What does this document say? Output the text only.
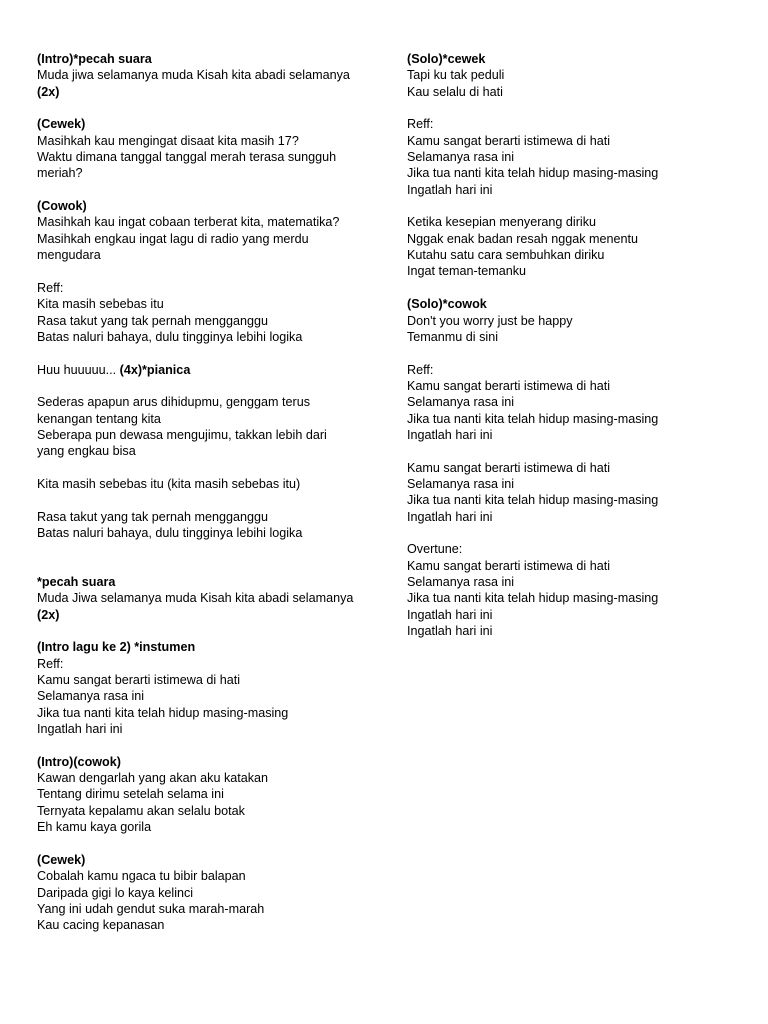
(Intro)*pecah suara
Muda jiwa selamanya muda Kisah kita abadi selamanya
(2x)
(Cewek)
Masihkah kau mengingat disaat kita masih 17?
Waktu dimana tanggal tanggal merah terasa sungguh
meriah?
(Cowok)
Masihkah kau ingat cobaan terberat kita, matematika?
Masihkah engkau ingat lagu di radio yang merdu
mengudara
Reff:
Kita masih sebebas itu
Rasa takut yang tak pernah mengganggu
Batas naluri bahaya, dulu tingginya lebihi logika
Huu huuuuu... (4x)*pianica
Sederas apapun arus dihidupmu, genggam terus
kenangan tentang kita
Seberapa pun dewasa mengujimu, takkan lebih dari
yang engkau bisa
Kita masih sebebas itu (kita masih sebebas itu)
Rasa takut yang tak pernah mengganggu
Batas naluri bahaya, dulu tingginya lebihi logika
*pecah suara
Muda Jiwa selamanya muda Kisah kita abadi selamanya
(2x)
(Intro lagu ke 2) *instumen
Reff:
Kamu sangat berarti istimewa di hati
Selamanya rasa ini
Jika tua nanti kita telah hidup masing-masing
Ingatlah hari ini
(Intro)(cowok)
Kawan dengarlah yang akan aku katakan
Tentang dirimu setelah selama ini
Ternyata kepalamu akan selalu botak
Eh kamu kaya gorila
(Cewek)
Cobalah kamu ngaca tu bibir balapan
Daripada gigi lo kaya kelinci
Yang ini udah gendut suka marah-marah
Kau cacing kepanasan
(Solo)*cewek
Tapi ku tak peduli
Kau selalu di hati
Reff:
Kamu sangat berarti istimewa di hati
Selamanya rasa ini
Jika tua nanti kita telah hidup masing-masing
Ingatlah hari ini
Ketika kesepian menyerang diriku
Nggak enak badan resah nggak menentu
Kutahu satu cara sembuhkan diriku
Ingat teman-temanku
(Solo)*cowok
Don't you worry just be happy
Temanmu di sini
Reff:
Kamu sangat berarti istimewa di hati
Selamanya rasa ini
Jika tua nanti kita telah hidup masing-masing
Ingatlah hari ini
Kamu sangat berarti istimewa di hati
Selamanya rasa ini
Jika tua nanti kita telah hidup masing-masing
Ingatlah hari ini
Overtune:
Kamu sangat berarti istimewa di hati
Selamanya rasa ini
Jika tua nanti kita telah hidup masing-masing
Ingatlah hari ini
Ingatlah hari ini
